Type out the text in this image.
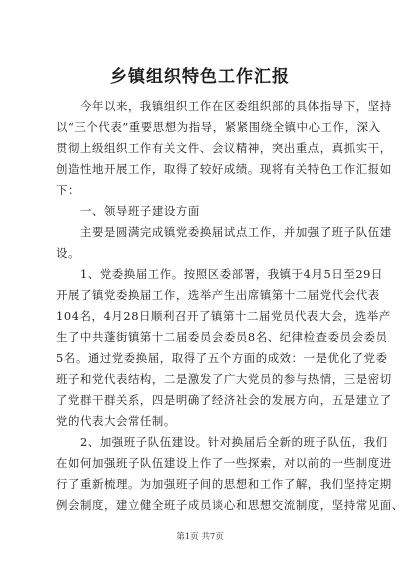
乡镇组织特色工作汇报
　　今年以来，我镇组织工作在区委组织部的具体指导下，坚持
以“三个代表”重要思想为指导，紧紧围绕全镇中心工作，深入
贯彻上级组织工作有关文件、会议精神，突出重点，真抓实干，
创造性地开展工作，取得了较好成绩。现将有关特色工作汇报如
下：
　　一、领导班子建设方面
　　主要是圆满完成镇党委换届试点工作，并加强了班子队伍建
设。
　　1、党委换届工作。按照区委部署，我镇于4月5日至29日
开展了镇党委换届工作，选举产生出席镇第十二届党代会代表
104名，4月28日顺利召开了镇第十二届党员代表大会，选举产
生了中共蓬街镇第十二届委员会委员8名、纪律检查委员会委员
5名。通过党委换届，取得了五个方面的成效：一是优化了党委
班子和党代表结构，二是激发了广大党员的参与热情，三是密切
了党群干群关系，四是明确了经济社会的发展方向，五是建立了
党的代表大会常任制。
　　2、加强班子队伍建设。针对换届后全新的班子队伍，我们
在如何加强班子队伍建设上作了一些探索，对以前的一些制度进
行了重新梳理。为加强班子间的思想和工作了解，我们坚持定期
例会制度，建立健全班子成员谈心和思想交流制度，坚持常见面、
第1页 共7页
